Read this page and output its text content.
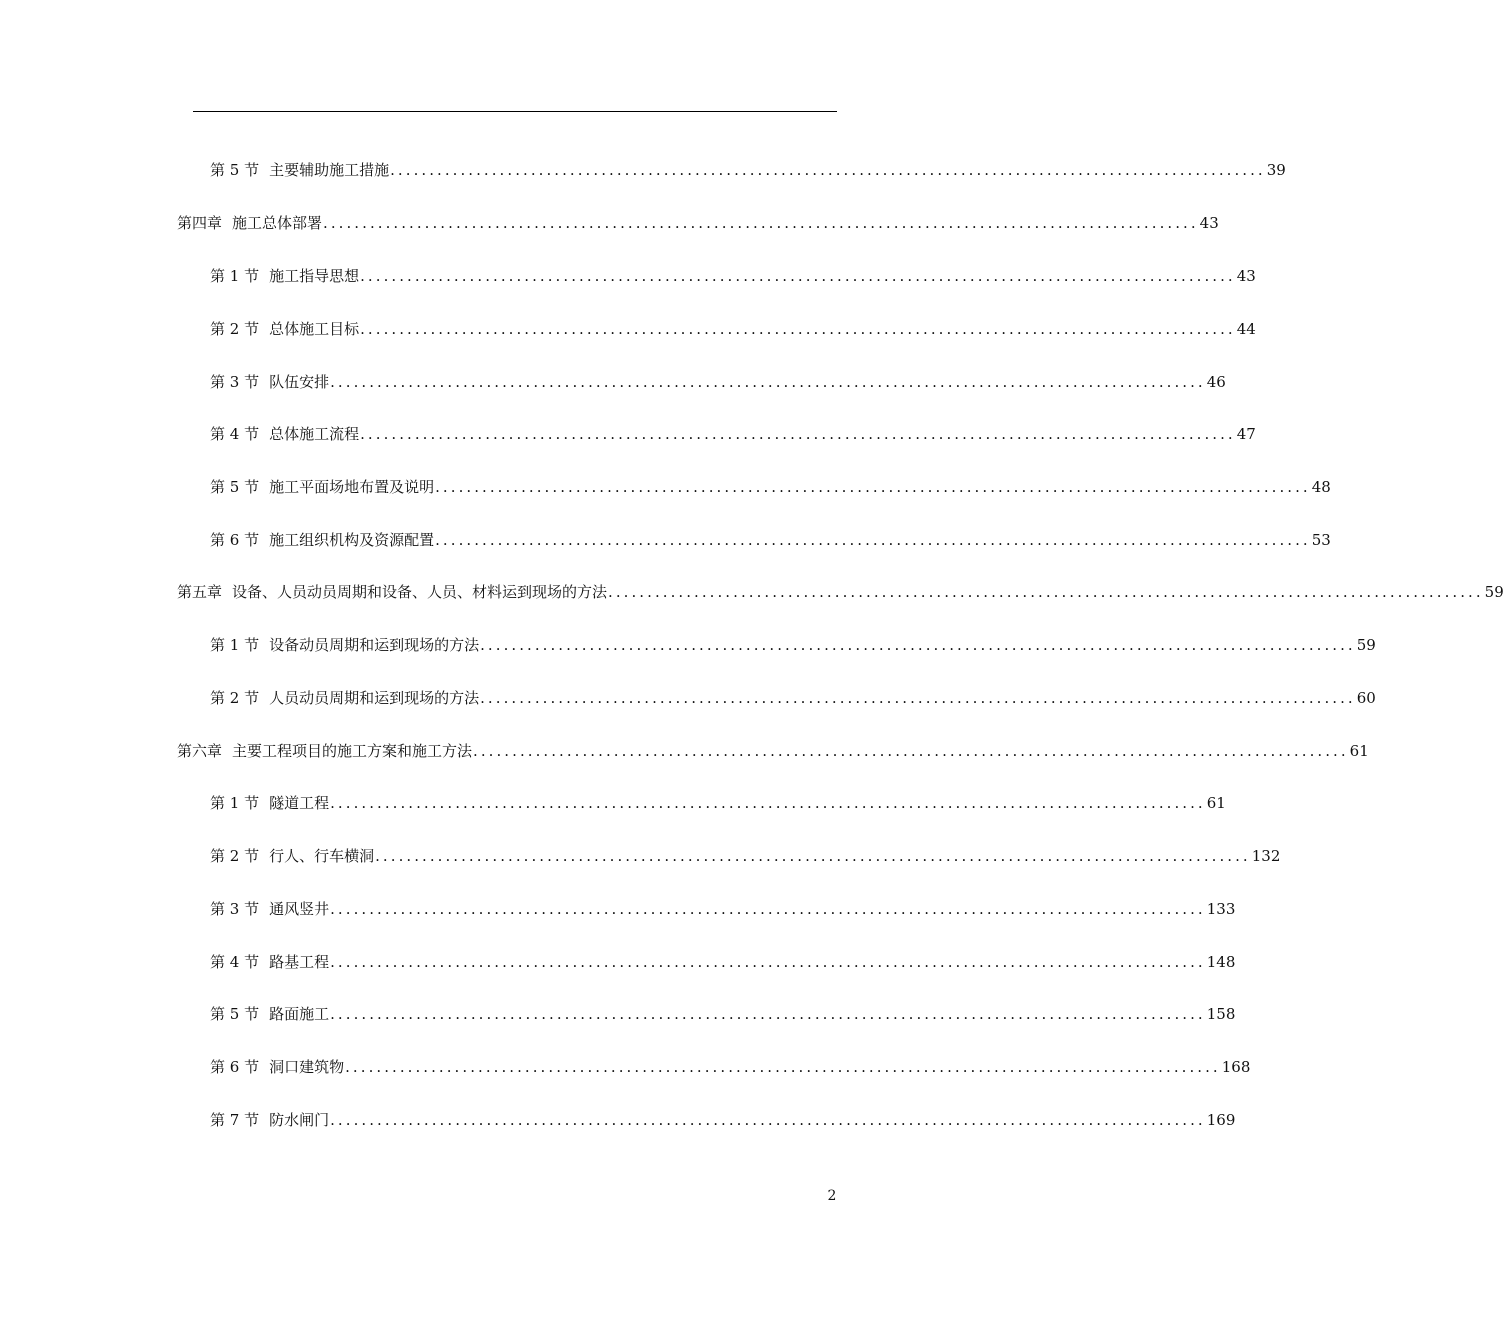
第 5 节 主要辅助施工措施 ................................................................................................................ 39
第四章 施工总体部署 ................................................................................................................ 43
第 1 节 施工指导思想 ................................................................................................................ 43
第 2 节 总体施工目标 ................................................................................................................ 44
第 3 节 队伍安排 ................................................................................................................ 46
第 4 节 总体施工流程 ................................................................................................................ 47
第 5 节 施工平面场地布置及说明 ................................................................................................................ 48
第 6 节 施工组织机构及资源配置 ................................................................................................................ 53
第五章 设备、人员动员周期和设备、人员、材料运到现场的方法 ................................................................................................................ 59
第 1 节 设备动员周期和运到现场的方法 ................................................................................................................ 59
第 2 节 人员动员周期和运到现场的方法 ................................................................................................................ 60
第六章 主要工程项目的施工方案和施工方法 ................................................................................................................ 61
第 1 节 隧道工程 ................................................................................................................ 61
第 2 节 行人、行车横洞 ................................................................................................................ 132
第 3 节 通风竖井 ................................................................................................................ 133
第 4 节 路基工程 ................................................................................................................ 148
第 5 节 路面施工 ................................................................................................................ 158
第 6 节 洞口建筑物 ................................................................................................................ 168
第 7 节 防水闸门 ................................................................................................................ 169
2
